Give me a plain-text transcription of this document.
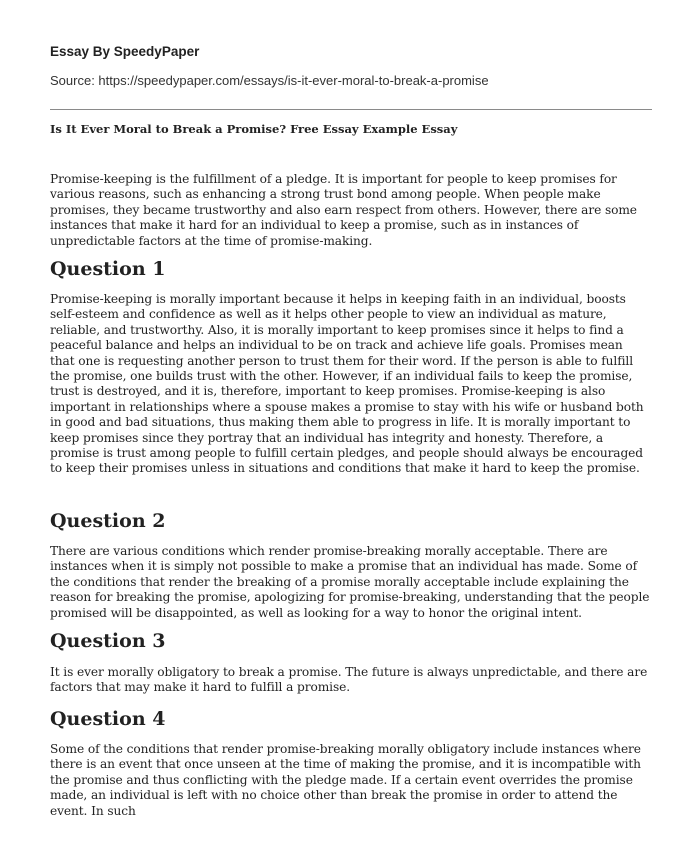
Essay By SpeedyPaper
Source: https://speedypaper.com/essays/is-it-ever-moral-to-break-a-promise
Is It Ever Moral to Break a Promise? Free Essay Example Essay

Promise-keeping is the fulfillment of a pledge. It is important for people to keep promises for various reasons, such as enhancing a strong trust bond among people. When people make promises, they became trustworthy and also earn respect from others. However, there are some instances that make it hard for an individual to keep a promise, such as in instances of unpredictable factors at the time of promise-making.

Question 1

Promise-keeping is morally important because it helps in keeping faith in an individual, boosts self-esteem and confidence as well as it helps other people to view an individual as mature, reliable, and trustworthy. Also, it is morally important to keep promises since it helps to find a peaceful balance and helps an individual to be on track and achieve life goals. Promises mean that one is requesting another person to trust them for their word. If the person is able to fulfill the promise, one builds trust with the other. However, if an individual fails to keep the promise, trust is destroyed, and it is, therefore, important to keep promises. Promise-keeping is also important in relationships where a spouse makes a promise to stay with his wife or husband both in good and bad situations, thus making them able to progress in life. It is morally important to keep promises since they portray that an individual has integrity and honesty. Therefore, a promise is trust among people to fulfill certain pledges, and people should always be encouraged to keep their promises unless in situations and conditions that make it hard to keep the promise.

Question 2

There are various conditions which render promise-breaking morally acceptable. There are instances when it is simply not possible to make a promise that an individual has made. Some of the conditions that render the breaking of a promise morally acceptable include explaining the reason for breaking the promise, apologizing for promise-breaking, understanding that the people promised will be disappointed, as well as looking for a way to honor the original intent.

Question 3

It is ever morally obligatory to break a promise. The future is always unpredictable, and there are factors that may make it hard to fulfill a promise.

Question 4

Some of the conditions that render promise-breaking morally obligatory include instances where there is an event that once unseen at the time of making the promise, and it is incompatible with the promise and thus conflicting with the pledge made. If a certain event overrides the promise made, an individual is left with no choice other than break the promise in order to attend the event. In such
